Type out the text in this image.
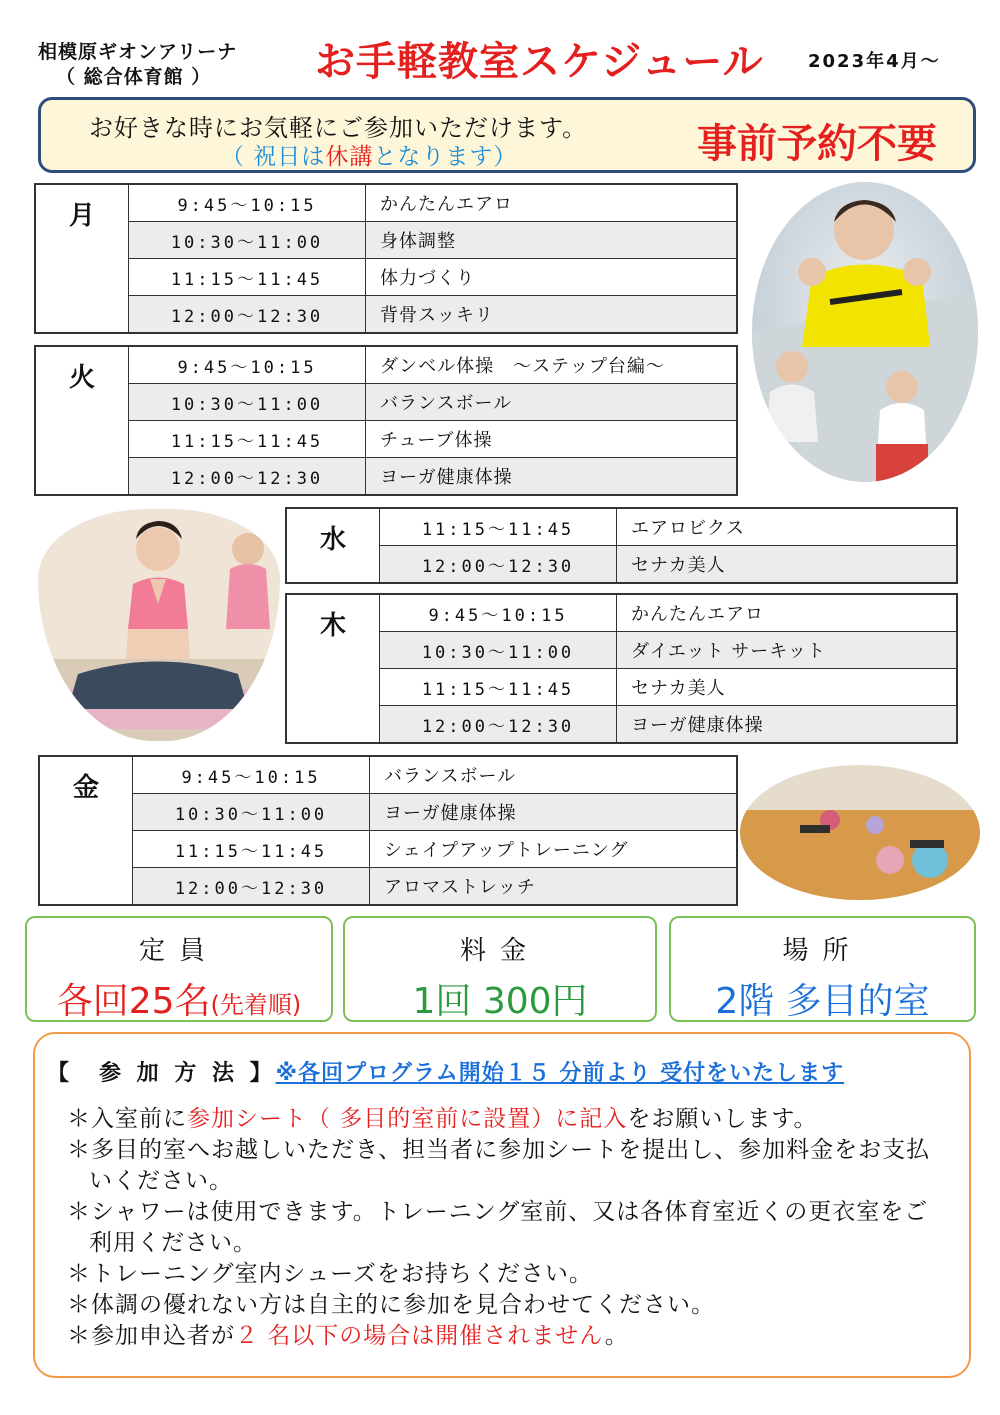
相模原ギオンアリーナ
（ 総合体育館 ）	お手軽教室スケジュール 2023年4月～
お好きな時にお気軽にご参加いただけます。
（ 祝日は休講となります）	事前予約不要
月	9:45～10:15	かんたんエアロ
	10:30～11:00	身体調整
	11:15～11:45	体力づくり
	12:00～12:30	背骨スッキリ
火	9:45～10:15	ダンベル体操　～ステップ台編～
	10:30～11:00	バランスボール
	11:15～11:45	チューブ体操
	12:00～12:30	ヨーガ健康体操
水	11:15～11:45	エアロビクス
	12:00～12:30	セナカ美人
木	9:45～10:15	かんたんエアロ
	10:30～11:00	ダイエット サーキット
	11:15～11:45	セナカ美人
	12:00～12:30	ヨーガ健康体操
金	9:45～10:15	バランスボール
	10:30～11:00	ヨーガ健康体操
	11:15～11:45	シェイプアップトレーニング
	12:00～12:30	アロマストレッチ
定員
各回25名(先着順)
料金
1回 300円
場所
2階 多目的室
【　参 加 方 法 】※各回プログラム開始１５ 分前より 受付をいたします
＊入室前に参加シート（ 多目的室前に設置）に記入をお願いします。
＊多目的室へお越しいただき、担当者に参加シートを提出し、参加料金をお支払いください。
＊シャワーは使用できます。トレーニング室前、又は各体育室近くの更衣室をご利用ください。
＊トレーニング室内シューズをお持ちください。
＊体調の優れない方は自主的に参加を見合わせてください。
＊参加申込者が２ 名以下の場合は開催されません。
